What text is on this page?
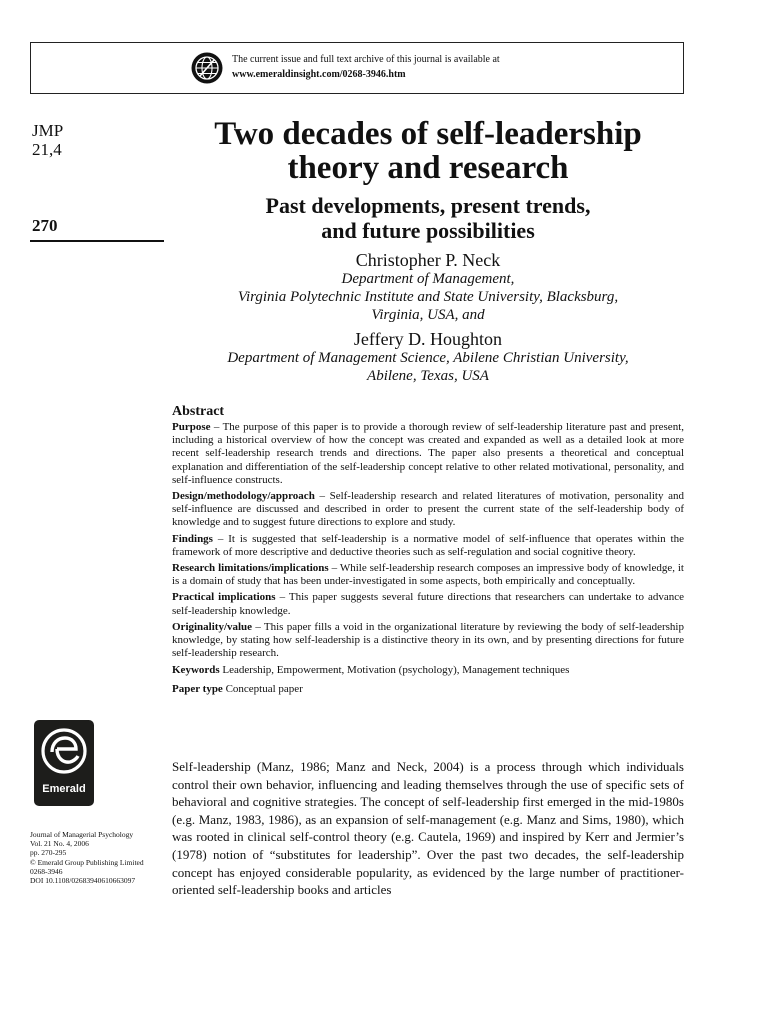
The current issue and full text archive of this journal is available at
www.emeraldinsight.com/0268-3946.htm
JMP
21,4
270
Two decades of self-leadership
theory and research
Past developments, present trends,
and future possibilities
Christopher P. Neck
Department of Management,
Virginia Polytechnic Institute and State University, Blacksburg,
Virginia, USA, and
Jeffery D. Houghton
Department of Management Science, Abilene Christian University,
Abilene, Texas, USA
Abstract

Purpose – The purpose of this paper is to provide a thorough review of self-leadership literature past and present, including a historical overview of how the concept was created and expanded as well as a detailed look at more recent self-leadership research trends and directions. The paper also presents a theoretical and conceptual explanation and differentiation of the self-leadership concept relative to other related motivational, personality, and self-influence constructs.

Design/methodology/approach – Self-leadership research and related literatures of motivation, personality and self-influence are discussed and described in order to present the current state of the self-leadership body of knowledge and to suggest future directions to explore and study.

Findings – It is suggested that self-leadership is a normative model of self-influence that operates within the framework of more descriptive and deductive theories such as self-regulation and social cognitive theory.

Research limitations/implications – While self-leadership research composes an impressive body of knowledge, it is a domain of study that has been under-investigated in some aspects, both empirically and conceptually.

Practical implications – This paper suggests several future directions that researchers can undertake to advance self-leadership knowledge.

Originality/value – This paper fills a void in the organizational literature by reviewing the body of self-leadership knowledge, by stating how self-leadership is a distinctive theory in its own, and by presenting directions for future self-leadership research.

Keywords Leadership, Empowerment, Motivation (psychology), Management techniques

Paper type Conceptual paper

Self-leadership (Manz, 1986; Manz and Neck, 2004) is a process through which individuals control their own behavior, influencing and leading themselves through the use of specific sets of behavioral and cognitive strategies. The concept of self-leadership first emerged in the mid-1980s (e.g. Manz, 1983, 1986), as an expansion of self-management (e.g. Manz and Sims, 1980), which was rooted in clinical self-control theory (e.g. Cautela, 1969) and inspired by Kerr and Jermier’s (1978) notion of “substitutes for leadership”. Over the past two decades, the self-leadership concept has enjoyed considerable popularity, as evidenced by the large number of practitioner-oriented self-leadership books and articles

Emerald
Journal of Managerial Psychology
Vol. 21 No. 4, 2006
pp. 270-295
© Emerald Group Publishing Limited
0268-3946
DOI 10.1108/02683940610663097
